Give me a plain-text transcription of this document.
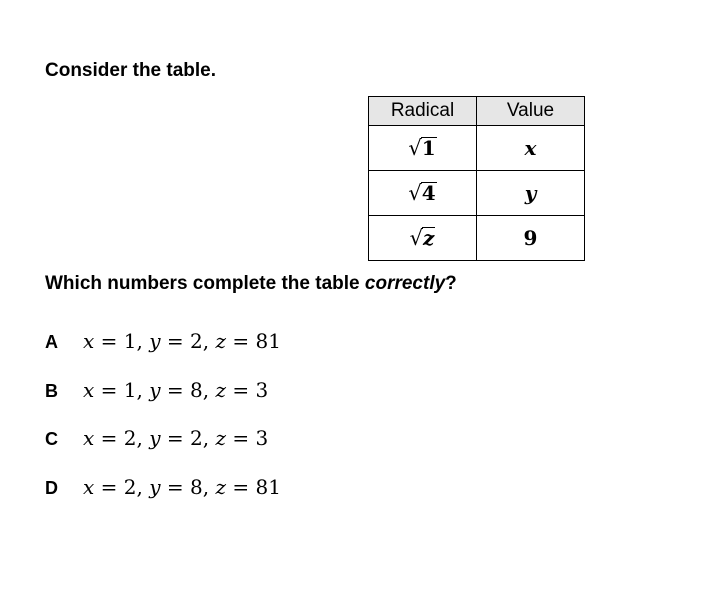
Consider the table.
Radical	Value

√ 1	x

√ 4	y

√ z	9
Which numbers complete the table correctly?
A	x = 1, y = 2, z = 81
B	x = 1, y = 8, z = 3
C	x = 2, y = 2, z = 3
D	x = 2, y = 8, z = 81
